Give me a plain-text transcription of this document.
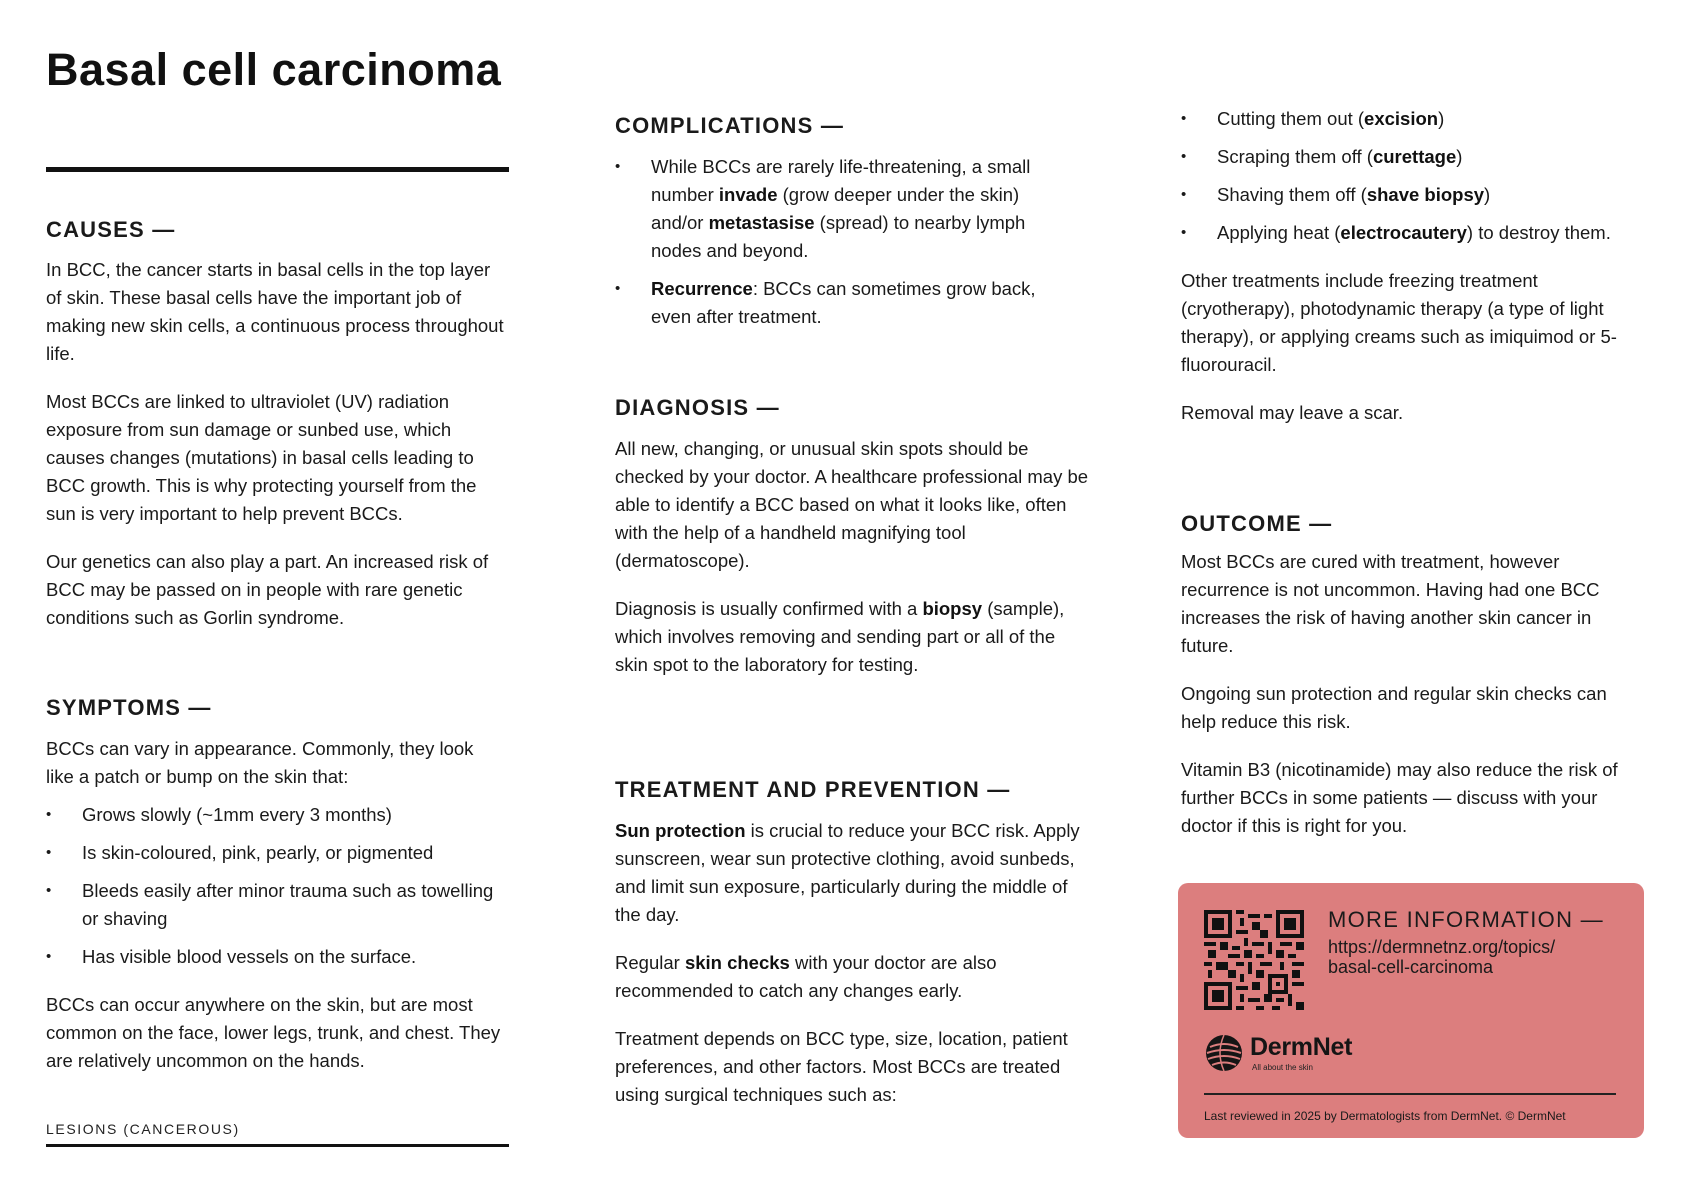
Basal cell carcinoma
CAUSES —

In BCC, the cancer starts in basal cells in the top layer of skin. These basal cells have the important job of making new skin cells, a continuous process throughout life.

Most BCCs are linked to ultraviolet (UV) radiation exposure from sun damage or sunbed use, which causes changes (mutations) in basal cells leading to BCC growth. This is why protecting yourself from the sun is very important to help prevent BCCs.

Our genetics can also play a part. An increased risk of BCC may be passed on in people with rare genetic conditions such as Gorlin syndrome.

SYMPTOMS —

BCCs can vary in appearance. Commonly, they look like a patch or bump on the skin that:

• Grows slowly (~1mm every 3 months)
• Is skin-coloured, pink, pearly, or pigmented
• Bleeds easily after minor trauma such as towelling or shaving
• Has visible blood vessels on the surface.

BCCs can occur anywhere on the skin, but are most common on the face, lower legs, trunk, and chest. They are relatively uncommon on the hands.

LESIONS (CANCEROUS)
COMPLICATIONS —
• While BCCs are rarely life-threatening, a small number invade (grow deeper under the skin) and/or metastasise (spread) to nearby lymph nodes and beyond.
• Recurrence: BCCs can sometimes grow back, even after treatment.
DIAGNOSIS —

All new, changing, or unusual skin spots should be checked by your doctor. A healthcare professional may be able to identify a BCC based on what it looks like, often with the help of a handheld magnifying tool (dermatoscope).

Diagnosis is usually confirmed with a biopsy (sample), which involves removing and sending part or all of the skin spot to the laboratory for testing.

TREATMENT AND PREVENTION —

Sun protection is crucial to reduce your BCC risk. Apply sunscreen, wear sun protective clothing, avoid sunbeds, and limit sun exposure, particularly during the middle of the day.

Regular skin checks with your doctor are also recommended to catch any changes early.

Treatment depends on BCC type, size, location, patient preferences, and other factors. Most BCCs are treated using surgical techniques such as:

• Cutting them out (excision)
• Scraping them off (curettage)
• Shaving them off (shave biopsy)
• Applying heat (electrocautery) to destroy them.

Other treatments include freezing treatment (cryotherapy), photodynamic therapy (a type of light therapy), or applying creams such as imiquimod or 5-fluorouracil.

Removal may leave a scar.

OUTCOME —

Most BCCs are cured with treatment, however recurrence is not uncommon. Having had one BCC increases the risk of having another skin cancer in future.

Ongoing sun protection and regular skin checks can help reduce this risk.

Vitamin B3 (nicotinamide) may also reduce the risk of further BCCs in some patients — discuss with your doctor if this is right for you.

MORE INFORMATION —
https://dermnetnz.org/topics/
basal-cell-carcinoma
DermNet
All about the skin
Last reviewed in 2025 by Dermatologists from DermNet. © DermNet
